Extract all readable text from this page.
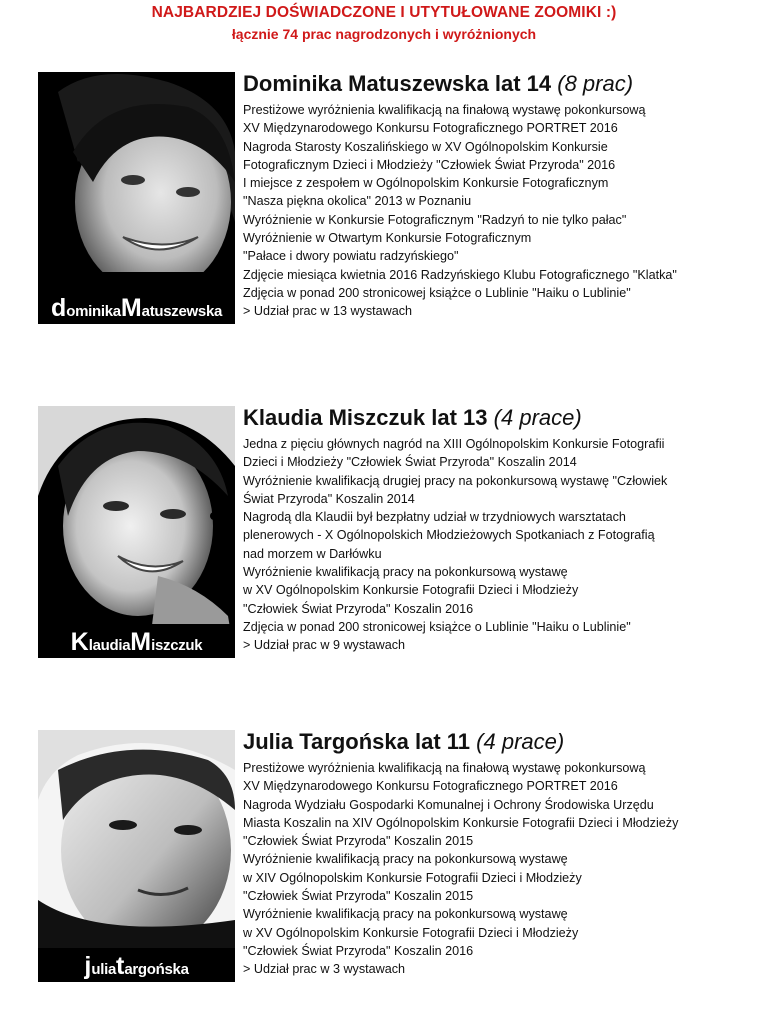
NAJBARDZIEJ DOŚWIADCZONE I UTYTUŁOWANE ZOOMIKI :)
łącznie 74 prac nagrodzonych i wyróżnionych
d ominika M atuszewska
Dominika Matuszewska lat 14 (8 prac)
Prestiżowe wyróżnienia kwalifikacją na finałową wystawę pokonkursową
XV Międzynarodowego Konkursu Fotograficznego PORTRET 2016
Nagroda Starosty Koszalińskiego w XV Ogólnopolskim Konkursie
Fotograficznym Dzieci i Młodzieży "Człowiek Świat Przyroda" 2016
I miejsce z zespołem w Ogólnopolskim Konkursie Fotograficznym
"Nasza piękna okolica" 2013 w Poznaniu
Wyróżnienie w Konkursie Fotograficznym "Radzyń to nie tylko pałac"
Wyróżnienie w Otwartym Konkursie Fotograficznym
"Pałace i dwory powiatu radzyńskiego"
Zdjęcie miesiąca kwietnia 2016 Radzyńskiego Klubu Fotograficznego "Klatka"
Zdjęcia w ponad 200 stronicowej książce o Lublinie "Haiku o Lublinie"
> Udział prac w 13 wystawach
K laudia M iszczuk
Klaudia Miszczuk lat 13 (4 prace)
Jedna z pięciu głównych nagród na XIII Ogólnopolskim Konkursie Fotografii
Dzieci i Młodzieży "Człowiek Świat Przyroda" Koszalin 2014
Wyróżnienie kwalifikacją drugiej pracy na pokonkursową wystawę "Człowiek
Świat Przyroda" Koszalin 2014
Nagrodą dla Klaudii był bezpłatny udział w trzydniowych warsztatach
plenerowych - X Ogólnopolskich Młodzieżowych Spotkaniach z Fotografią
nad morzem w Darłówku
Wyróżnienie kwalifikacją pracy na pokonkursową wystawę
w XV Ogólnopolskim Konkursie Fotografii Dzieci i Młodzieży
"Człowiek Świat Przyroda" Koszalin 2016
Zdjęcia w ponad 200 stronicowej książce o Lublinie "Haiku o Lublinie"
> Udział prac w 9 wystawach
j ulia t argońska
Julia Targońska lat 11 (4 prace)
Prestiżowe wyróżnienia kwalifikacją na finałową wystawę pokonkursową
XV Międzynarodowego Konkursu Fotograficznego PORTRET 2016
Nagroda Wydziału Gospodarki Komunalnej i Ochrony Środowiska Urzędu
Miasta Koszalin na XIV Ogólnopolskim Konkursie Fotografii Dzieci i Młodzieży
"Człowiek Świat Przyroda" Koszalin 2015
Wyróżnienie kwalifikacją pracy na pokonkursową wystawę
w XIV Ogólnopolskim Konkursie Fotografii Dzieci i Młodzieży
"Człowiek Świat Przyroda" Koszalin 2015
Wyróżnienie kwalifikacją pracy na pokonkursową wystawę
w XV Ogólnopolskim Konkursie Fotografii Dzieci i Młodzieży
"Człowiek Świat Przyroda" Koszalin 2016
> Udział prac w 3 wystawach
